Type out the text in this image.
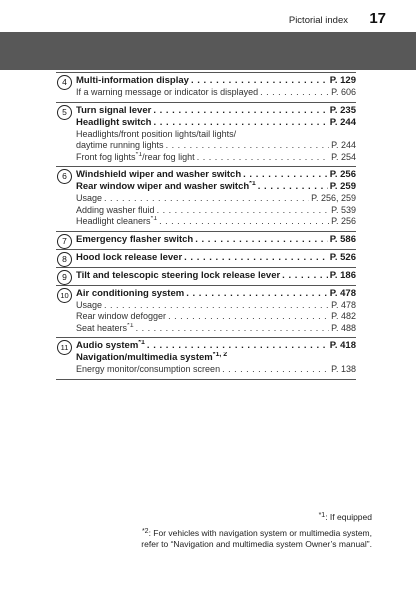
Pictorial index 17
4 Multi-information display . . .	P. 129
If a warning message or indicator is displayed . . .	P. 606
5 Turn signal lever . . .	P. 235
Headlight switch . . .	P. 244
Headlights/front position lights/tail lights/
daytime running lights . . .	P. 244
Front fog lights$^{*1}$/rear fog light . . .	P. 254
6 Windshield wiper and washer switch . . .	P. 256
Rear window wiper and washer switch$^{*1}$ . . .	P. 259
Usage . . .	P. 256, 259
Adding washer fluid . . .	P. 539
Headlight cleaners$^{*1}$ . . .	P. 256
7 Emergency flasher switch . . .	P. 586
8 Hood lock release lever . . .	P. 526
9 Tilt and telescopic steering lock release lever . . .	P. 186
10 Air conditioning system . . .	P. 478
Usage . . .	P. 478
Rear window defogger . . .	P. 482
Seat heaters$^{*1}$ . . .	P. 488
11 Audio system$^{*1}$ . . .	P. 418
Navigation/multimedia system$^{*1, 2}$
Energy monitor/consumption screen . . .	P. 138
$^{*1}$: If equipped
$^{*2}$: For vehicles with navigation system or multimedia system,
refer to “Navigation and multimedia system Owner’s manual”.
